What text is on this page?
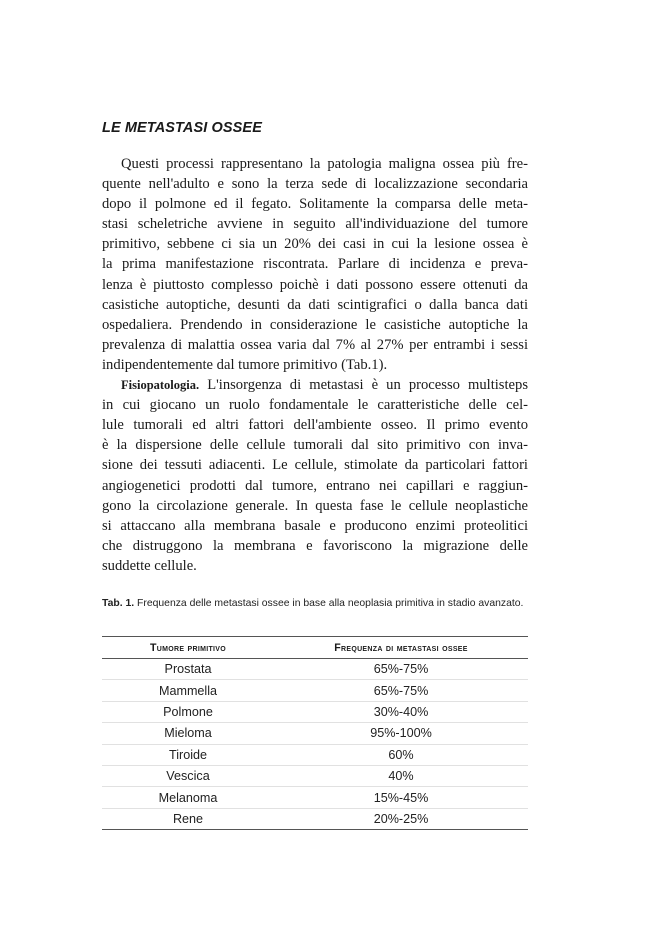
LE METASTASI OSSEE
Questi processi rappresentano la patologia maligna ossea più fre-
quente nell'adulto e sono la terza sede di localizzazione secondaria
dopo il polmone ed il fegato. Solitamente la comparsa delle meta-
stasi scheletriche avviene in seguito all'individuazione del tumore
primitivo, sebbene ci sia un 20% dei casi in cui la lesione ossea è
la prima manifestazione riscontrata. Parlare di incidenza e preva-
lenza è piuttosto complesso poichè i dati possono essere ottenuti da
casistiche autoptiche, desunti da dati scintigrafici o dalla banca dati
ospedaliera. Prendendo in considerazione le casistiche autoptiche la
prevalenza di malattia ossea varia dal 7% al 27% per entrambi i sessi
indipendentemente dal tumore primitivo (Tab.1).
Fisiopatologia. L'insorgenza di metastasi è un processo multisteps
in cui giocano un ruolo fondamentale le caratteristiche delle cel-
lule tumorali ed altri fattori dell'ambiente osseo. Il primo evento
è la dispersione delle cellule tumorali dal sito primitivo con inva-
sione dei tessuti adiacenti. Le cellule, stimolate da particolari fattori
angiogenetici prodotti dal tumore, entrano nei capillari e raggiun-
gono la circolazione generale. In questa fase le cellule neoplastiche
si attaccano alla membrana basale e producono enzimi proteolitici
che distruggono la membrana e favoriscono la migrazione delle
suddette cellule.
Tab. 1. Frequenza delle metastasi ossee in base alla neoplasia primitiva in stadio avanzato.
Tumore primitivo	Frequenza di metastasi ossee
Prostata	65%-75%
Mammella	65%-75%
Polmone	30%-40%
Mieloma	95%-100%
Tiroide	60%
Vescica	40%
Melanoma	15%-45%
Rene	20%-25%
